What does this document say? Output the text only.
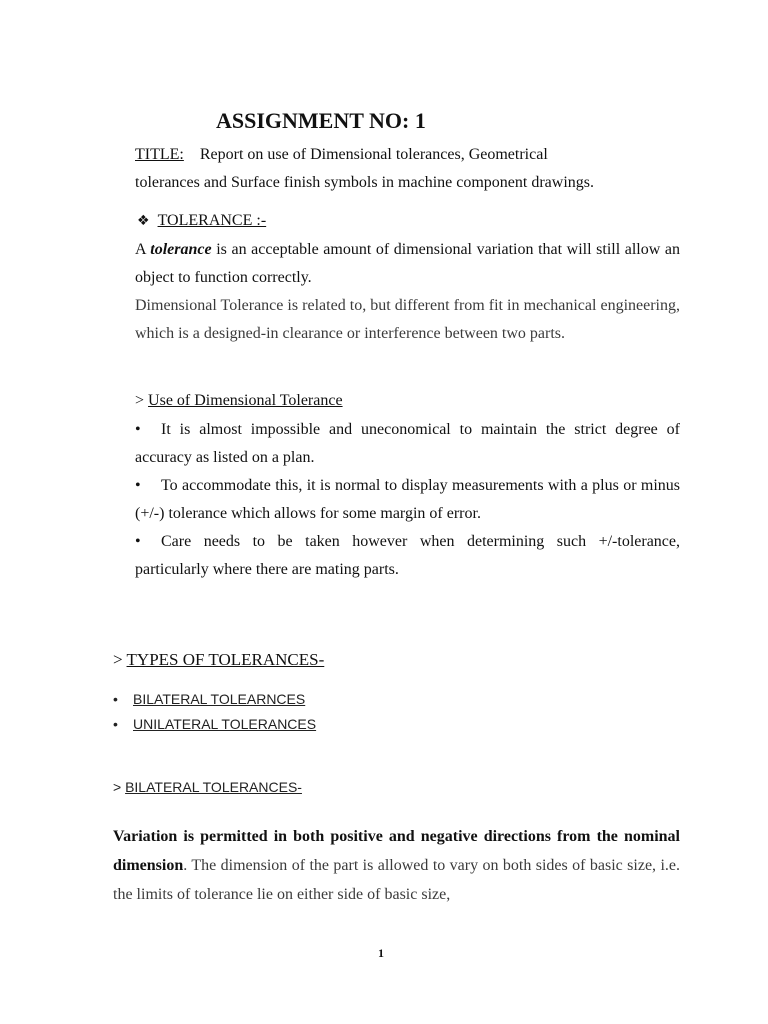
ASSIGNMENT NO: 1
TITLE: Report on use of Dimensional tolerances, Geometrical
tolerances and Surface finish symbols in machine component drawings.
❖ TOLERANCE :-

A tolerance is an acceptable amount of dimensional variation that will still allow an object to function correctly.

Dimensional Tolerance is related to, but different from fit in mechanical engineering, which is a designed-in clearance or interference between two parts.

> Use of Dimensional Tolerance

• It is almost impossible and uneconomical to maintain the strict degree of accuracy as listed on a plan.

• To accommodate this, it is normal to display measurements with a plus or minus (+/-) tolerance which allows for some margin of error.

• Care needs to be taken however when determining such +/-tolerance, particularly where there are mating parts.

> TYPES OF TOLERANCES-
• BILATERAL TOLEARNCES
• UNILATERAL TOLERANCES
> BILATERAL TOLERANCES-

Variation is permitted in both positive and negative directions from the nominal dimension. The dimension of the part is allowed to vary on both sides of basic size, i.e. the limits of tolerance lie on either side of basic size,

1
